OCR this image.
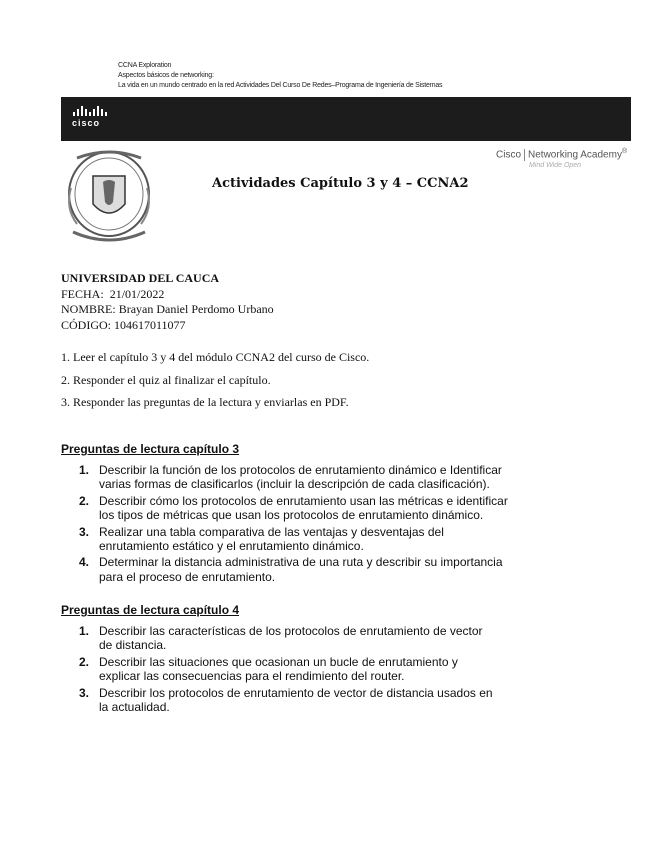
CCNA Exploration
Aspectos básicos de networking:
La vida en un mundo centrado en la red Actividades Del Curso De Redes–Programa de Ingeniería de Sistemas
cisco
Cisco Networking Academy®
Mind Wide Open
Actividades Capítulo 3 y 4 – CCNA2
UNIVERSIDAD DEL CAUCA
FECHA: 21/01/2022
NOMBRE: Brayan Daniel Perdomo Urbano
CÓDIGO: 104617011077
1. Leer el capítulo 3 y 4 del módulo CCNA2 del curso de Cisco.
2. Responder el quiz al finalizar el capítulo.
3. Responder las preguntas de la lectura y enviarlas en PDF.
Preguntas de lectura capítulo 3
1. Describir la función de los protocolos de enrutamiento dinámico e Identificar
varias formas de clasificarlos (incluir la descripción de cada clasificación).
2. Describir cómo los protocolos de enrutamiento usan las métricas e identificar
los tipos de métricas que usan los protocolos de enrutamiento dinámico.
3. Realizar una tabla comparativa de las ventajas y desventajas del
enrutamiento estático y el enrutamiento dinámico.
4. Determinar la distancia administrativa de una ruta y describir su importancia
para el proceso de enrutamiento.
Preguntas de lectura capítulo 4
1. Describir las características de los protocolos de enrutamiento de vector
de distancia.
2. Describir las situaciones que ocasionan un bucle de enrutamiento y
explicar las consecuencias para el rendimiento del router.
3. Describir los protocolos de enrutamiento de vector de distancia usados en
la actualidad.
